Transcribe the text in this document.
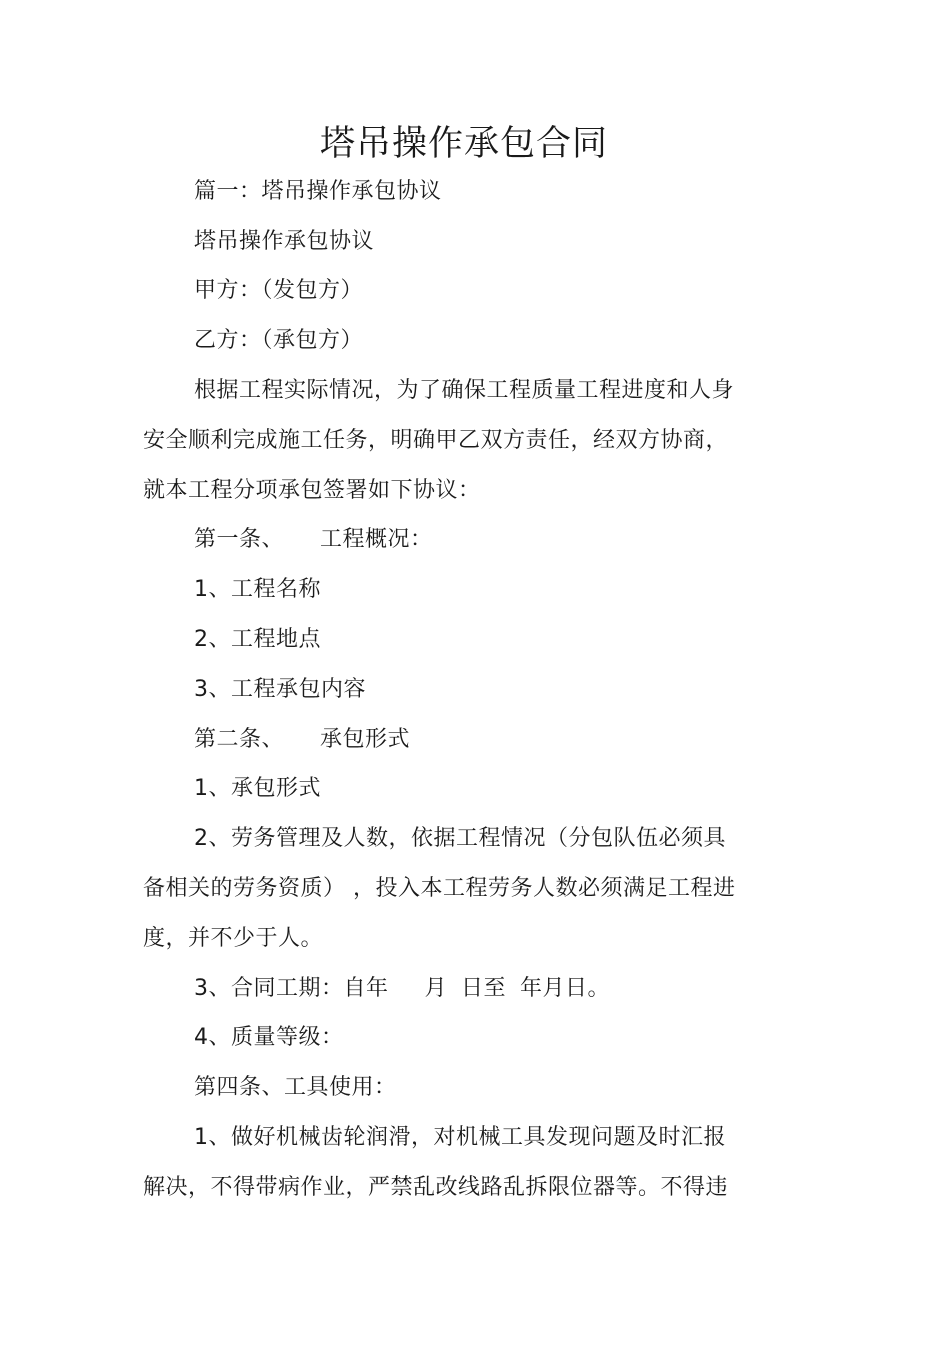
塔吊操作承包合同

篇一：塔吊操作承包协议

塔吊操作承包协议

甲方：（发包方）

乙方：（承包方）

根据工程实际情况，为了确保工程质量工程进度和人身

安全顺利完成施工任务，明确甲乙双方责任，经双方协商，

就本工程分项承包签署如下协议：

第一条、 工程概况：

1、工程名称

2、工程地点

3、工程承包内容

第二条、 承包形式

1、承包形式

2、劳务管理及人数，依据工程情况（分包队伍必须具

备相关的劳务资质） ，投入本工程劳务人数必须满足工程进

度，并不少于人。

3、合同工期：自年 月 日至 年月日。

4、质量等级：

第四条、工具使用：

1、做好机械齿轮润滑，对机械工具发现问题及时汇报

解决，不得带病作业，严禁乱改线路乱拆限位器等。不得违
